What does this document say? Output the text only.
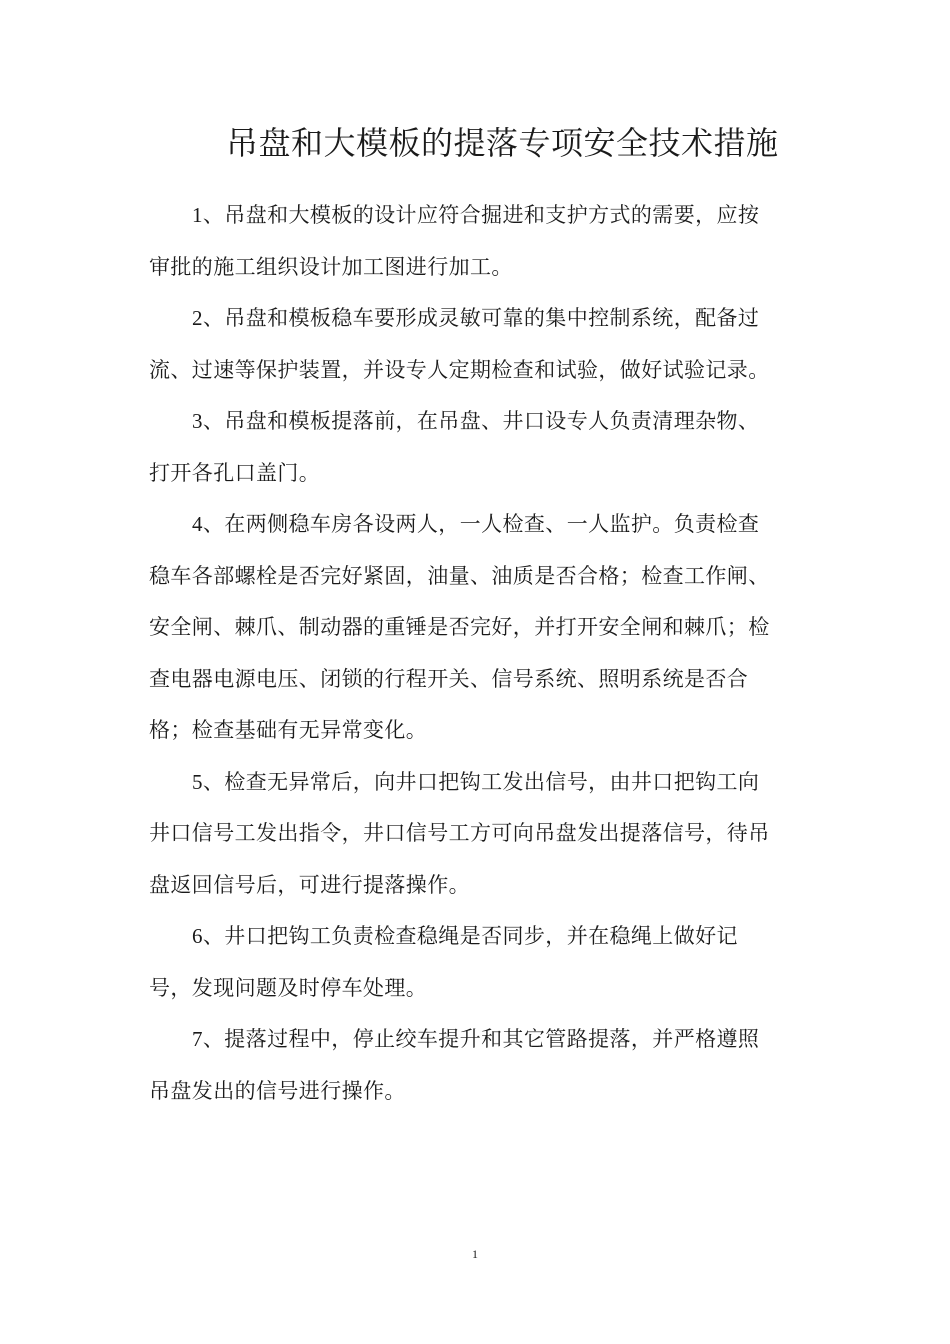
吊盘和大模板的提落专项安全技术措施

1、吊盘和大模板的设计应符合掘进和支护方式的需要，应按
审批的施工组织设计加工图进行加工。

2、吊盘和模板稳车要形成灵敏可靠的集中控制系统，配备过
流、过速等保护装置，并设专人定期检查和试验，做好试验记录。

3、吊盘和模板提落前，在吊盘、井口设专人负责清理杂物、
打开各孔口盖门。

4、在两侧稳车房各设两人，一人检查、一人监护。负责检查
稳车各部螺栓是否完好紧固，油量、油质是否合格；检查工作闸、
安全闸、棘爪、制动器的重锤是否完好，并打开安全闸和棘爪；检
查电器电源电压、闭锁的行程开关、信号系统、照明系统是否合
格；检查基础有无异常变化。

5、检查无异常后，向井口把钩工发出信号，由井口把钩工向
井口信号工发出指令，井口信号工方可向吊盘发出提落信号，待吊
盘返回信号后，可进行提落操作。

6、井口把钩工负责检查稳绳是否同步，并在稳绳上做好记
号，发现问题及时停车处理。

7、提落过程中，停止绞车提升和其它管路提落，并严格遵照
吊盘发出的信号进行操作。

1
